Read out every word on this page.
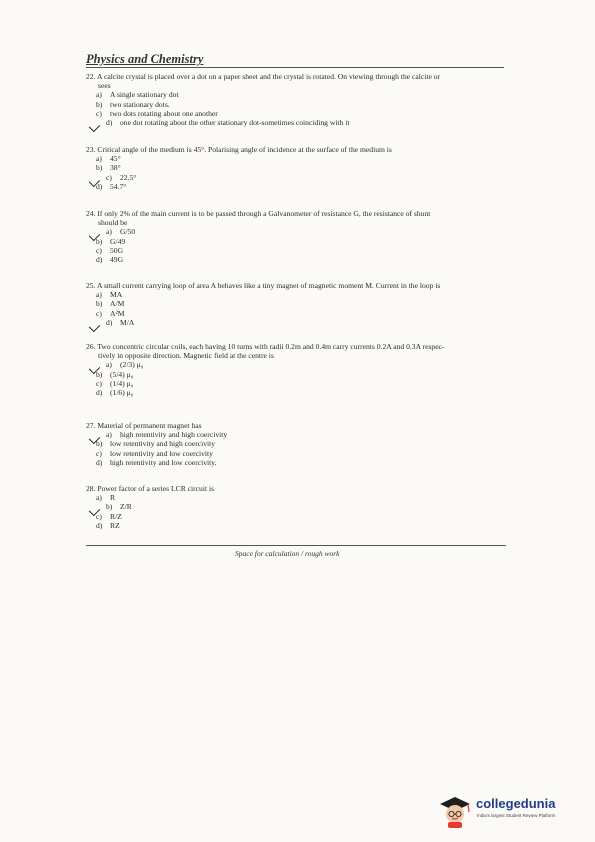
Physics and Chemistry

22. A calcite crystal is placed over a dot on a paper sheet and the crystal is rotated. On viewing through the calcite or

sees

a) A single stationary dot
b) two stationary dots.
c) two dots rotating about one another
d) one dot rotating about the other stationary dot-sometimes coinciding with it

23. Critical angle of the medium is 45°. Polarising angle of incidence at the surface of the medium is

a) 45°
b) 38°
c) 22.5°
d) 54.7°

24. If only 2% of the main current is to be passed through a Galvanometer of resistance G, the resistance of shunt

should be

a) G/50
b) G/49
c) 50G
d) 49G

25. A small current carrying loop of area A behaves like a tiny magnet of magnetic moment M. Current in the loop is

a) MA
b) A/M
c) A²M
d) M/A

26. Two concentric circular coils, each having 10 turns with radii 0.2m and 0.4m carry currents 0.2A and 0.3A respec-

tively in opposite direction. Magnetic field at the centre is

a) (2/3) μ₀
b) (5/4) μ₀
c) (1/4) μ₀
d) (1/6) μ₀

27. Material of permanent magnet has

a) high retentivity and high coercivity
b) low retentivity and high coercivity
c) low retentivity and low coercivity
d) high retentivity and low coercivity.

28. Power factor of a series LCR circuit is

a) R
b) Z/R
c) R/Z
d) RZ
Space for calculation / rough work
collegedunia
India's largest Student Review Platform
